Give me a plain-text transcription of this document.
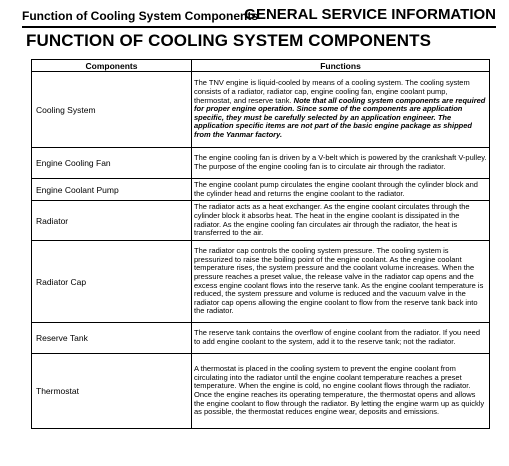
Function of Cooling System Components
GENERAL SERVICE INFORMATION
FUNCTION OF COOLING SYSTEM COMPONENTS
Components	Functions
Cooling System	The TNV engine is liquid-cooled by means of a cooling system. The cooling system consists of a radiator, radiator cap, engine cooling fan, engine coolant pump, thermostat, and reserve tank. Note that all cooling system components are required for proper engine operation. Since some of the components are application specific, they must be carefully selected by an application engineer. The application specific items are not part of the basic engine package as shipped from the Yanmar factory.
Engine Cooling Fan	The engine cooling fan is driven by a V-belt which is powered by the crankshaft V-pulley. The purpose of the engine cooling fan is to circulate air through the radiator.
Engine Coolant Pump	The engine coolant pump circulates the engine coolant through the cylinder block and the cylinder head and returns the engine coolant to the radiator.
Radiator	The radiator acts as a heat exchanger. As the engine coolant circulates through the cylinder block it absorbs heat. The heat in the engine coolant is dissipated in the radiator. As the engine cooling fan circulates air through the radiator, the heat is transferred to the air.
Radiator Cap	The radiator cap controls the cooling system pressure. The cooling system is pressurized to raise the boiling point of the engine coolant. As the engine coolant temperature rises, the system pressure and the coolant volume increases. When the pressure reaches a preset value, the release valve in the radiator cap opens and the excess engine coolant flows into the reserve tank. As the engine coolant temperature is reduced, the system pressure and volume is reduced and the vacuum valve in the radiator cap opens allowing the engine coolant to flow from the reserve tank back into the radiator.
Reserve Tank	The reserve tank contains the overflow of engine coolant from the radiator. If you need to add engine coolant to the system, add it to the reserve tank; not the radiator.
Thermostat	A thermostat is placed in the cooling system to prevent the engine coolant from circulating into the radiator until the engine coolant temperature reaches a preset temperature. When the engine is cold, no engine coolant flows through the radiator. Once the engine reaches its operating temperature, the thermostat opens and allows the engine coolant to flow through the radiator. By letting the engine warm up as quickly as possible, the thermostat reduces engine wear, deposits and emissions.
